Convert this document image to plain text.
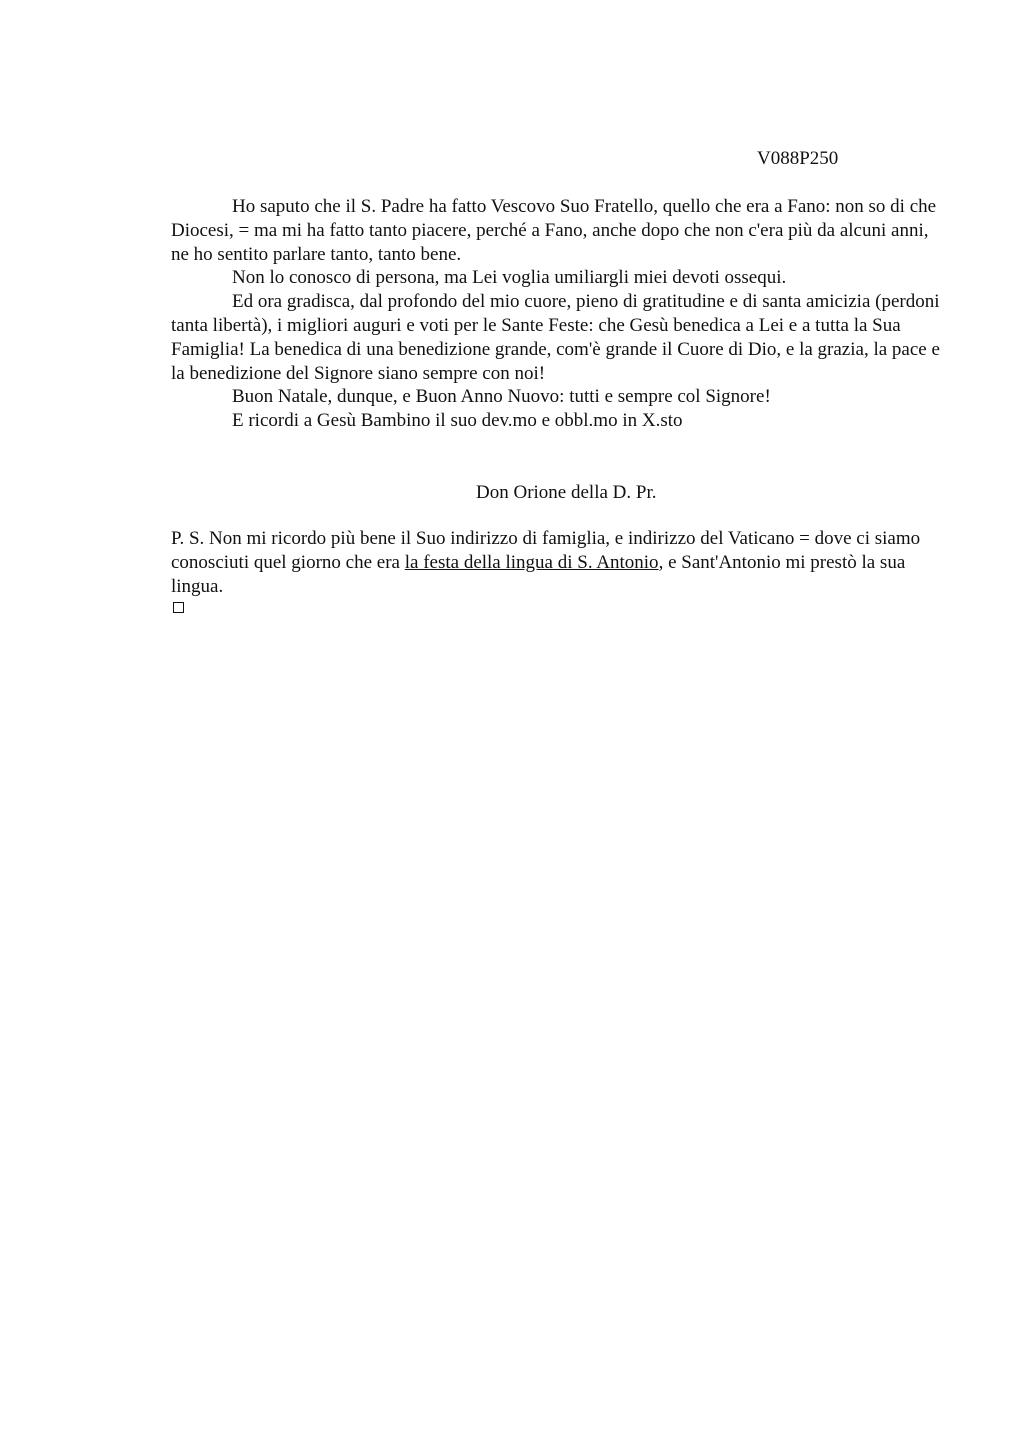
V088P250

Ho saputo che il S. Padre ha fatto Vescovo Suo Fratello, quello che era a Fano: non so di che Diocesi, = ma mi ha fatto tanto piacere, perché a Fano, anche dopo che non c'era più da alcuni anni, ne ho sentito parlare tanto, tanto bene.

Non lo conosco di persona, ma Lei voglia umiliargli miei devoti ossequi.

Ed ora gradisca, dal profondo del mio cuore, pieno di gratitudine e di santa amicizia (perdoni tanta libertà), i migliori auguri e voti per le Sante Feste: che Gesù benedica a Lei e a tutta la Sua Famiglia! La benedica di una benedizione grande, com'è grande il Cuore di Dio, e la grazia, la pace e la benedizione del Signore siano sempre con noi!

Buon Natale, dunque, e Buon Anno Nuovo: tutti e sempre col Signore!

E ricordi a Gesù Bambino il suo dev.mo e obbl.mo in X.sto

Don Orione della D. Pr.

P. S. Non mi ricordo più bene il Suo indirizzo di famiglia, e indirizzo del Vaticano = dove ci siamo conosciuti quel giorno che era la festa della lingua di S. Antonio, e Sant'Antonio mi prestò la sua lingua.
